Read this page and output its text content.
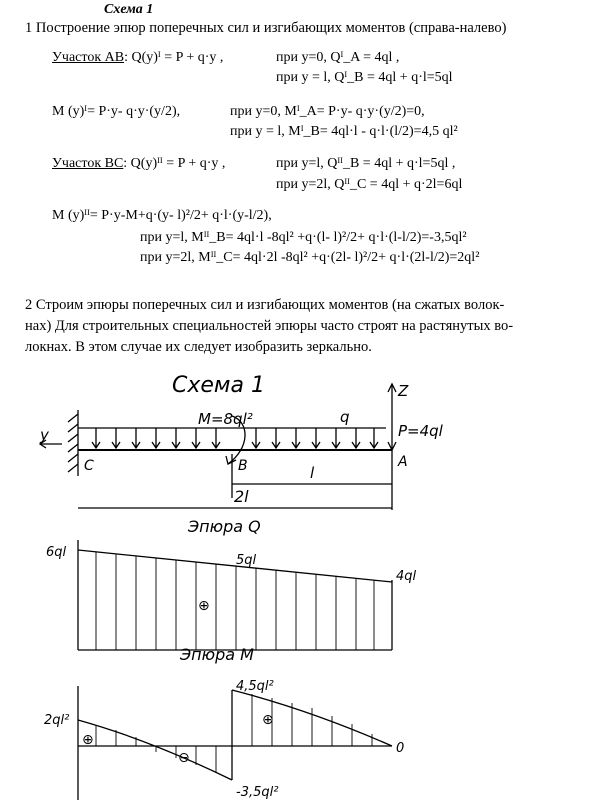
Схема 1
1 Построение эпюр поперечных сил и изгибающих моментов (справа-налево)
Участок АВ: Q(y)ᴵ = P + q·y ,	при y=0, Qᴵ_A = 4ql ,
при y = l, Qᴵ_B = 4ql + q·l=5ql
M (y)ᴵ= P·y- q·y·(y/2),	при y=0, Mᴵ_A= P·y- q·y·(y/2)=0,
при y = l, Mᴵ_B= 4ql·l - q·l·(l/2)=4,5 ql²
Участок ВС: Q(y)ᴵᴵ = P + q·y ,	при y=l, Qᴵᴵ_B = 4ql + q·l=5ql ,
при y=2l, Qᴵᴵ_C = 4ql + q·2l=6ql
M (y)ᴵᴵ= P·y-M+q·(y- l)²/2+ q·l·(y-l/2),
при y=l, Mᴵᴵ_B= 4ql·l -8ql² +q·(l- l)²/2+ q·l·(l-l/2)=-3,5ql²
при y=2l, Mᴵᴵ_C= 4ql·2l -8ql² +q·(2l- l)²/2+ q·l·(2l-l/2)=2ql²
2 Строим эпюры поперечных сил и изгибающих моментов (на сжатых волок-
нах) Для строительных специальностей эпюры часто строят на растянутых во-
локнах. В этом случае их следует изобразить зеркально.
Схема 1
M=8ql²	q
Z
P=4ql
y
C	B	A
l
2l
Эпюра Q
6ql
5ql
4ql
⊕
Эпюра M
4,5ql²
2ql²
-3,5ql²
0
⊕
⊖
⊕
